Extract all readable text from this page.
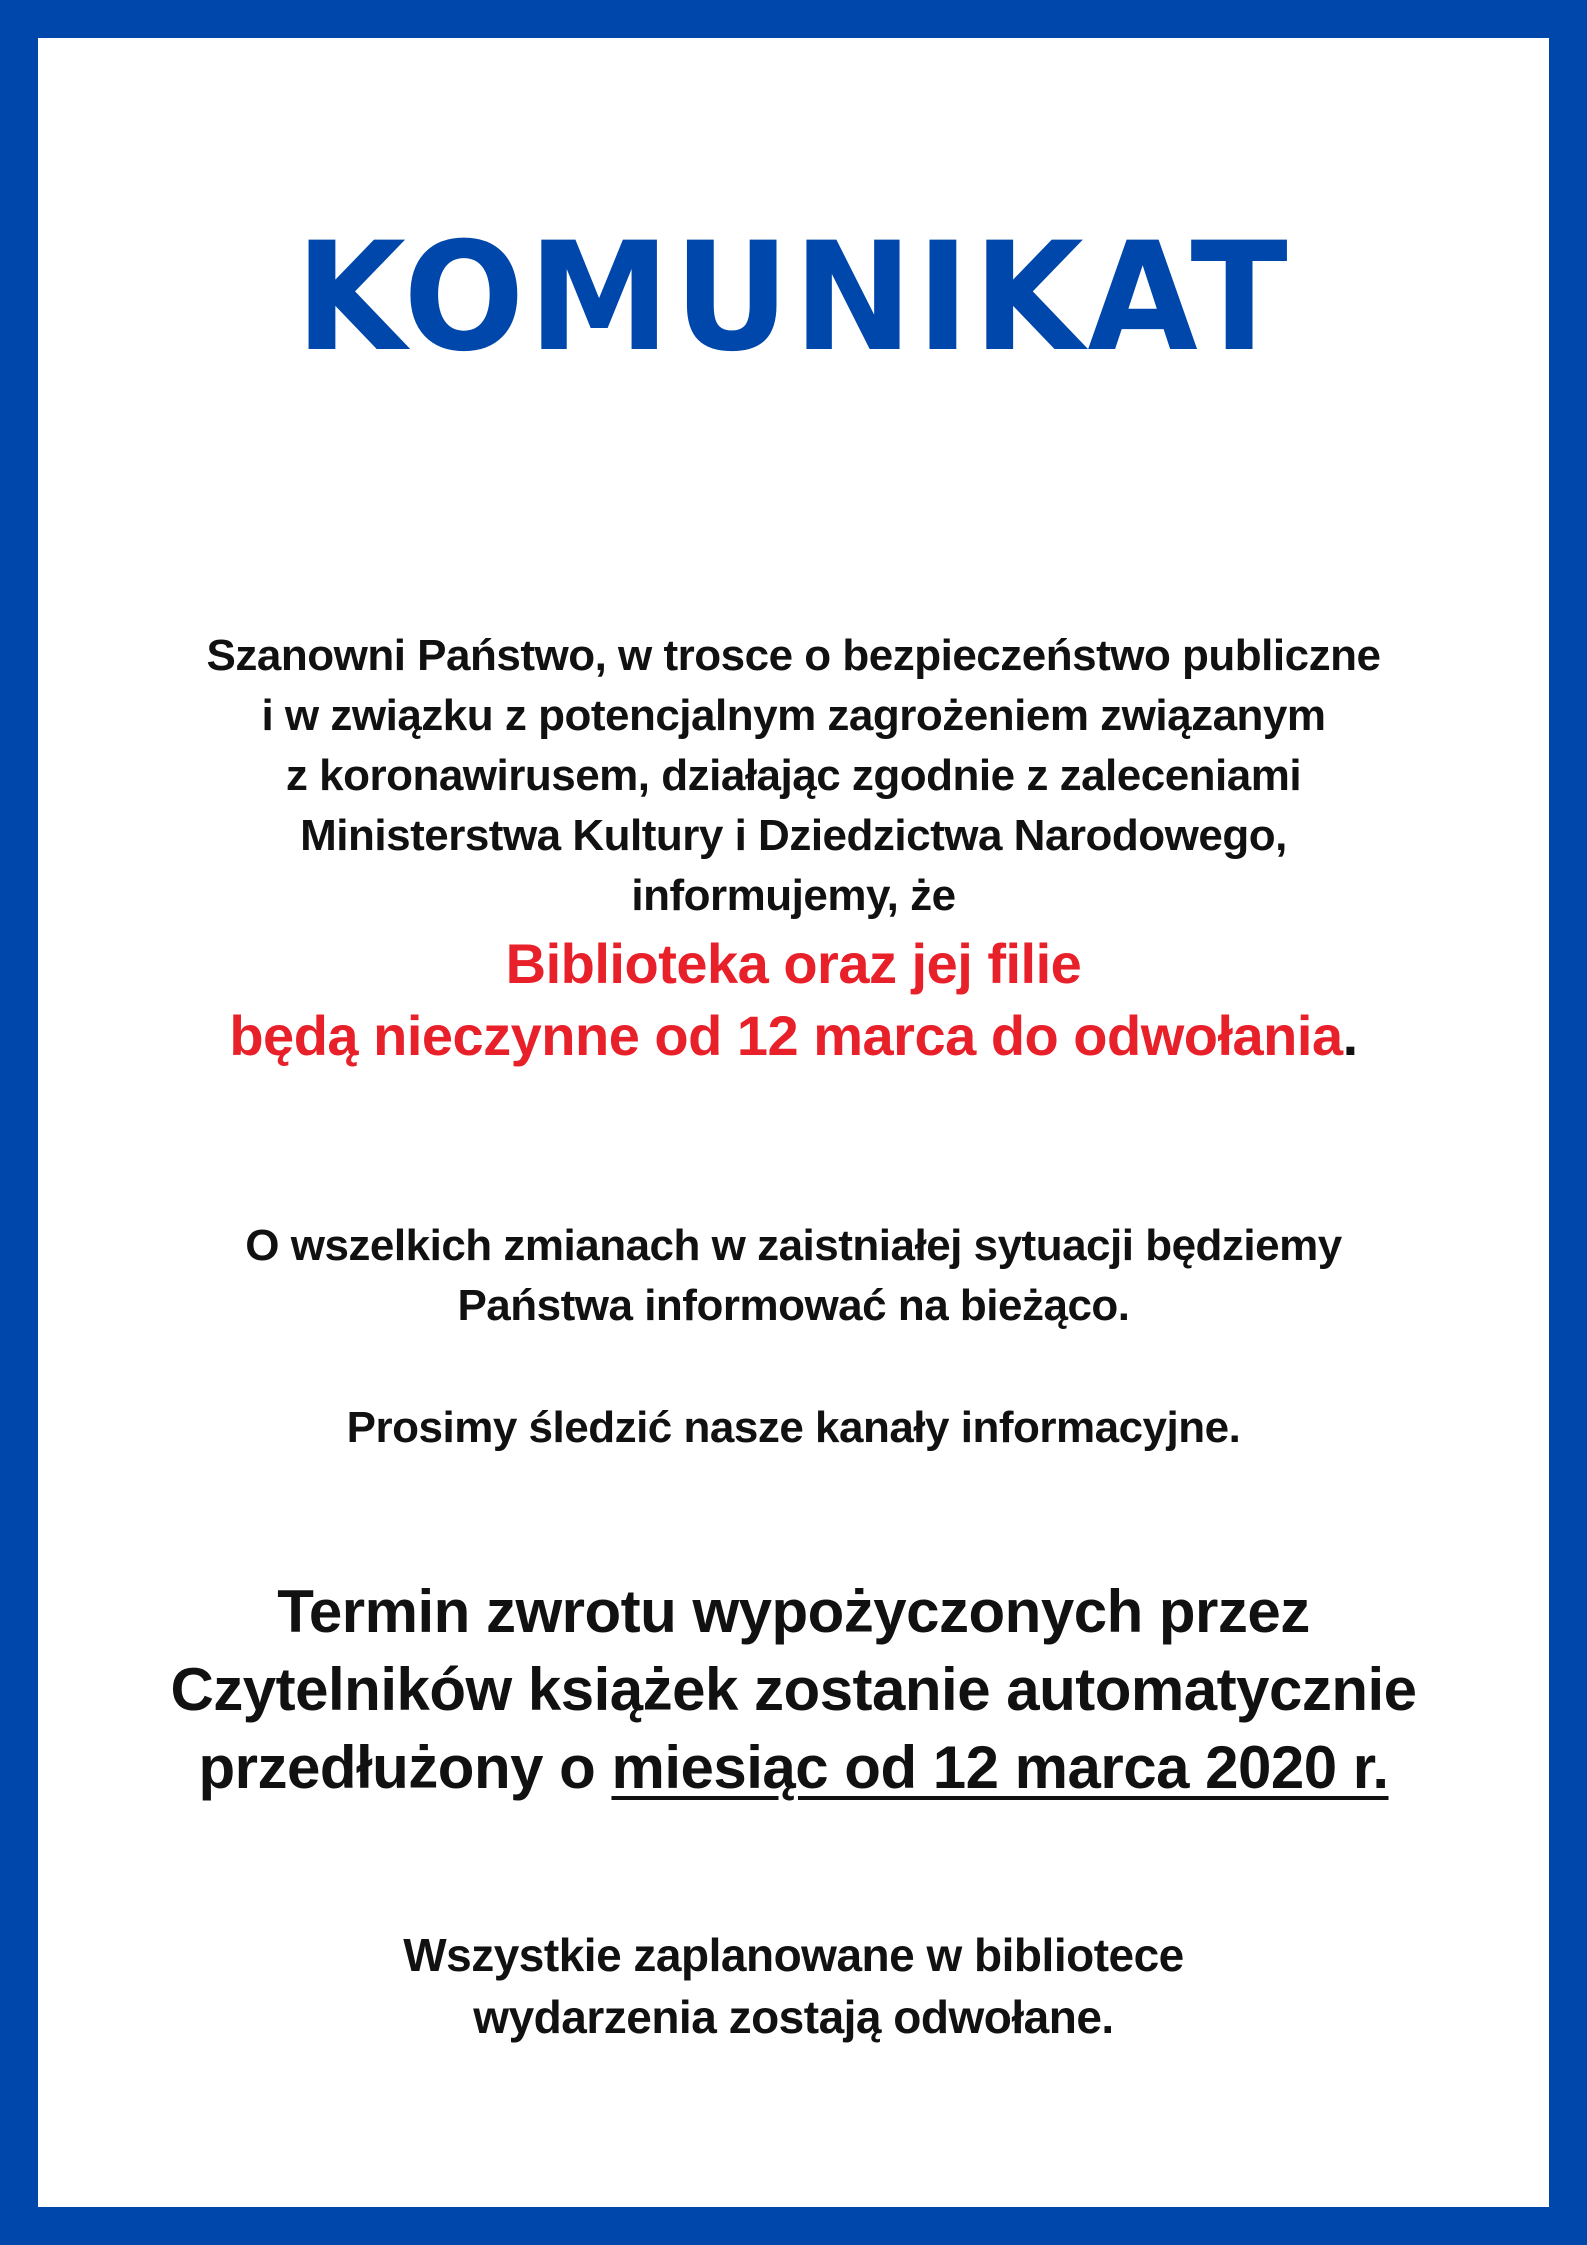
KOMUNIKAT
Szanowni Państwo, w trosce o bezpieczeństwo publiczne
i w związku z potencjalnym zagrożeniem związanym
z koronawirusem, działając zgodnie z zaleceniami
Ministerstwa Kultury i Dziedzictwa Narodowego,
informujemy, że
Biblioteka oraz jej filie
będą nieczynne od 12 marca do odwołania.
O wszelkich zmianach w zaistniałej sytuacji będziemy
Państwa informować na bieżąco.
Prosimy śledzić nasze kanały informacyjne.
Termin zwrotu wypożyczonych przez
Czytelników książek zostanie automatycznie
przedłużony o miesiąc od 12 marca 2020 r.
Wszystkie zaplanowane w bibliotece
wydarzenia zostają odwołane.
